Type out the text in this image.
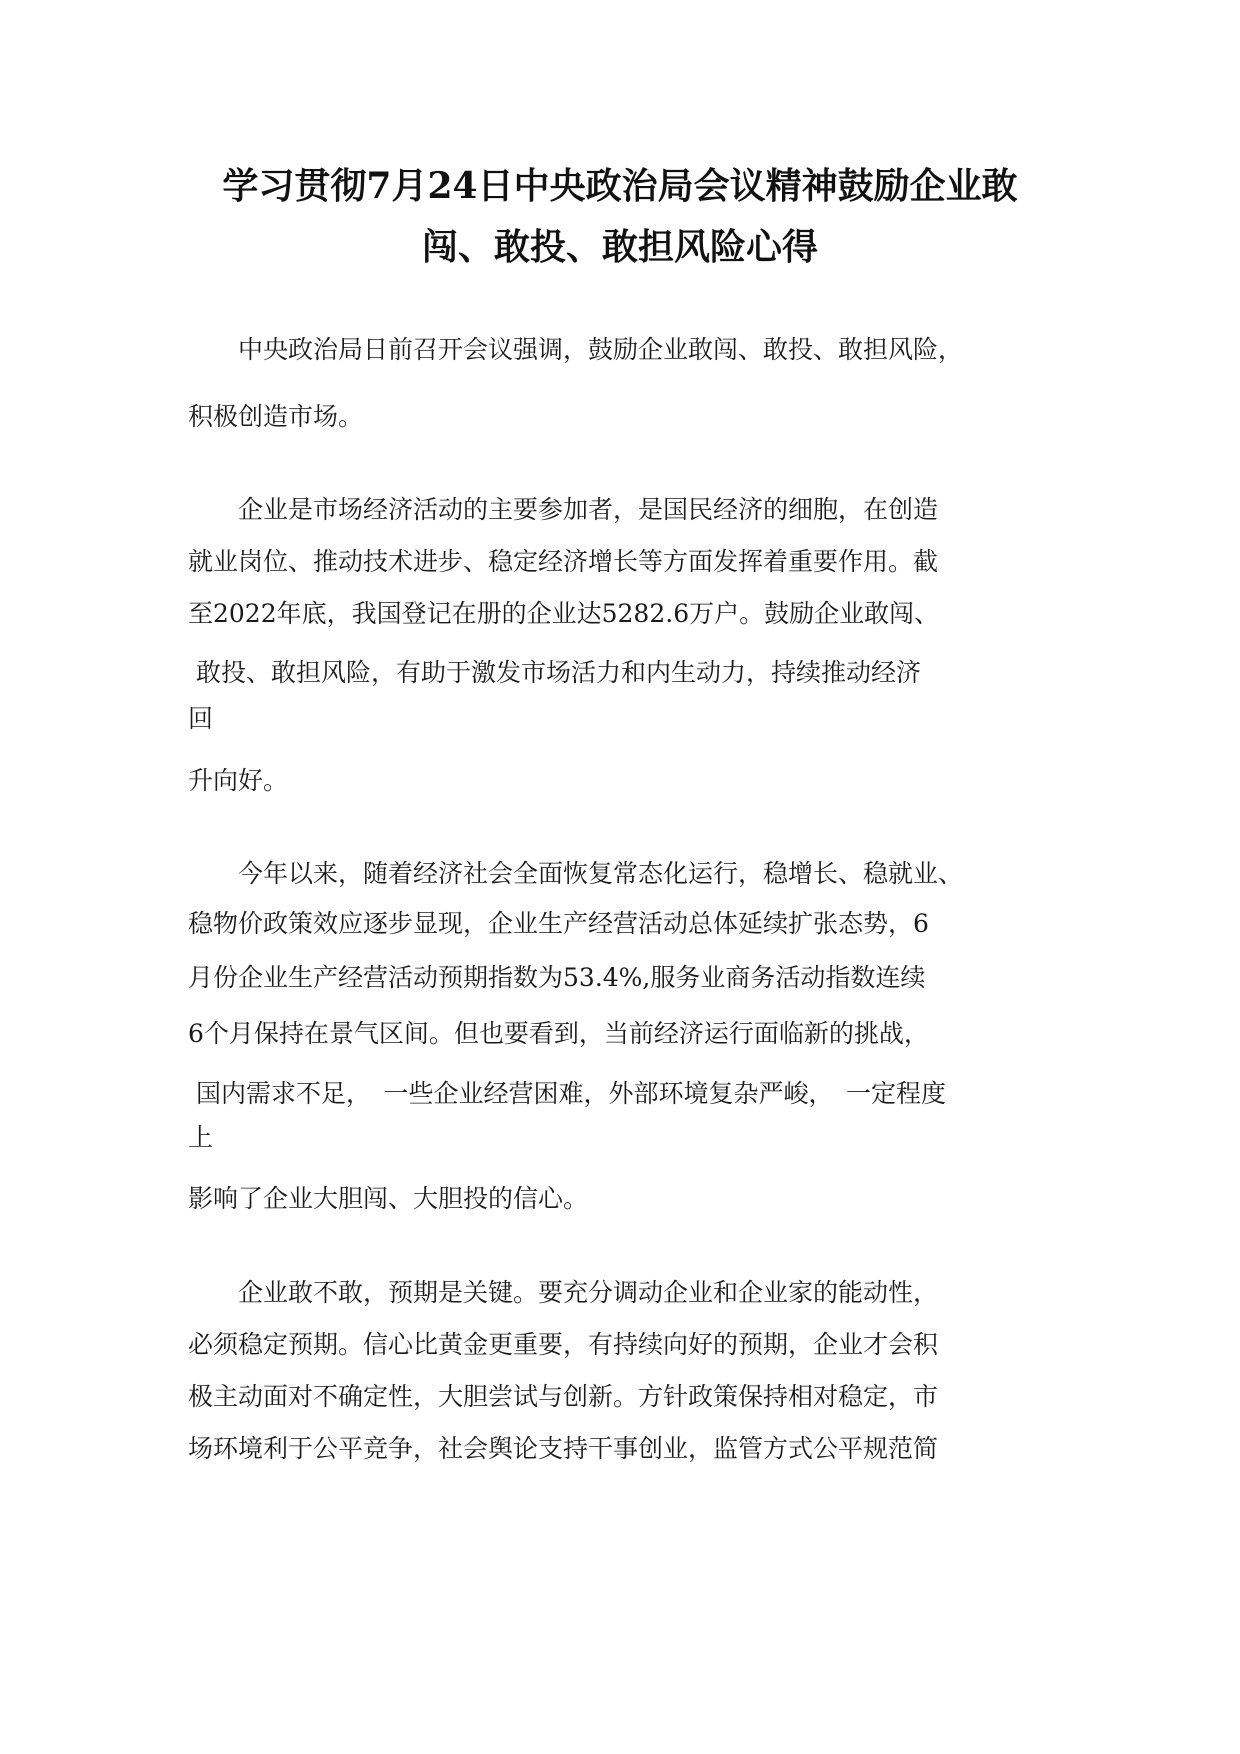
学习贯彻7月24日中央政治局会议精神鼓励企业敢
闯、敢投、敢担风险心得
　　中央政治局日前召开会议强调，鼓励企业敢闯、敢投、敢担风险，
积极创造市场。
　　企业是市场经济活动的主要参加者，是国民经济的细胞，在创造
就业岗位、推动技术进步、稳定经济增长等方面发挥着重要作用。截
至2022年底，我国登记在册的企业达5282.6万户。鼓励企业敢闯、
敢投、敢担风险，有助于激发市场活力和内生动力，持续推动经济
回
升向好。
　　今年以来，随着经济社会全面恢复常态化运行，稳增长、稳就业、
稳物价政策效应逐步显现，企业生产经营活动总体延续扩张态势，6
月份企业生产经营活动预期指数为53.4%,服务业商务活动指数连续
6个月保持在景气区间。但也要看到，当前经济运行面临新的挑战，
国内需求不足，　一些企业经营困难，外部环境复杂严峻，　一定程度
上
影响了企业大胆闯、大胆投的信心。
　　企业敢不敢，预期是关键。要充分调动企业和企业家的能动性，
必须稳定预期。信心比黄金更重要，有持续向好的预期，企业才会积
极主动面对不确定性，大胆尝试与创新。方针政策保持相对稳定，市
场环境利于公平竞争，社会舆论支持干事创业，监管方式公平规范简
